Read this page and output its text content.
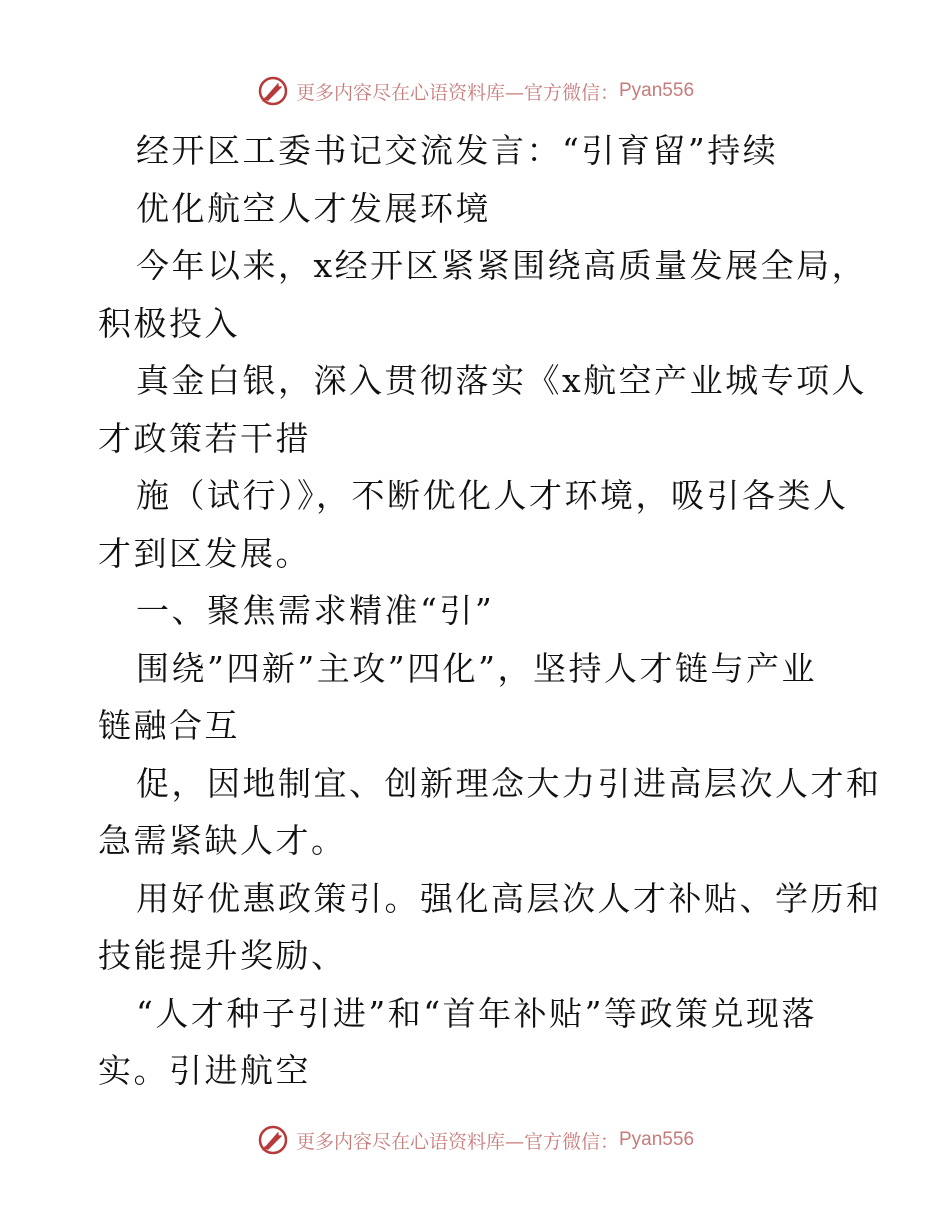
更多内容尽在心语资料库—官方微信： Pyan556
经开区工委书记交流发言：“引育留”持续
优化航空人才发展环境
今年以来，x经开区紧紧围绕高质量发展全局，
积极投入
真金白银，深入贯彻落实《x航空产业城专项人
才政策若干措
施（试行）》，不断优化人才环境，吸引各类人
才到区发展。
一、聚焦需求精准“引”
围绕”四新”主攻”四化”，坚持人才链与产业
链融合互
促，因地制宜、创新理念大力引进高层次人才和
急需紧缺人才。
用好优惠政策引。强化高层次人才补贴、学历和
技能提升奖励、
“人才种子引进”和“首年补贴”等政策兑现落
实。引进航空
更多内容尽在心语资料库—官方微信： Pyan556
